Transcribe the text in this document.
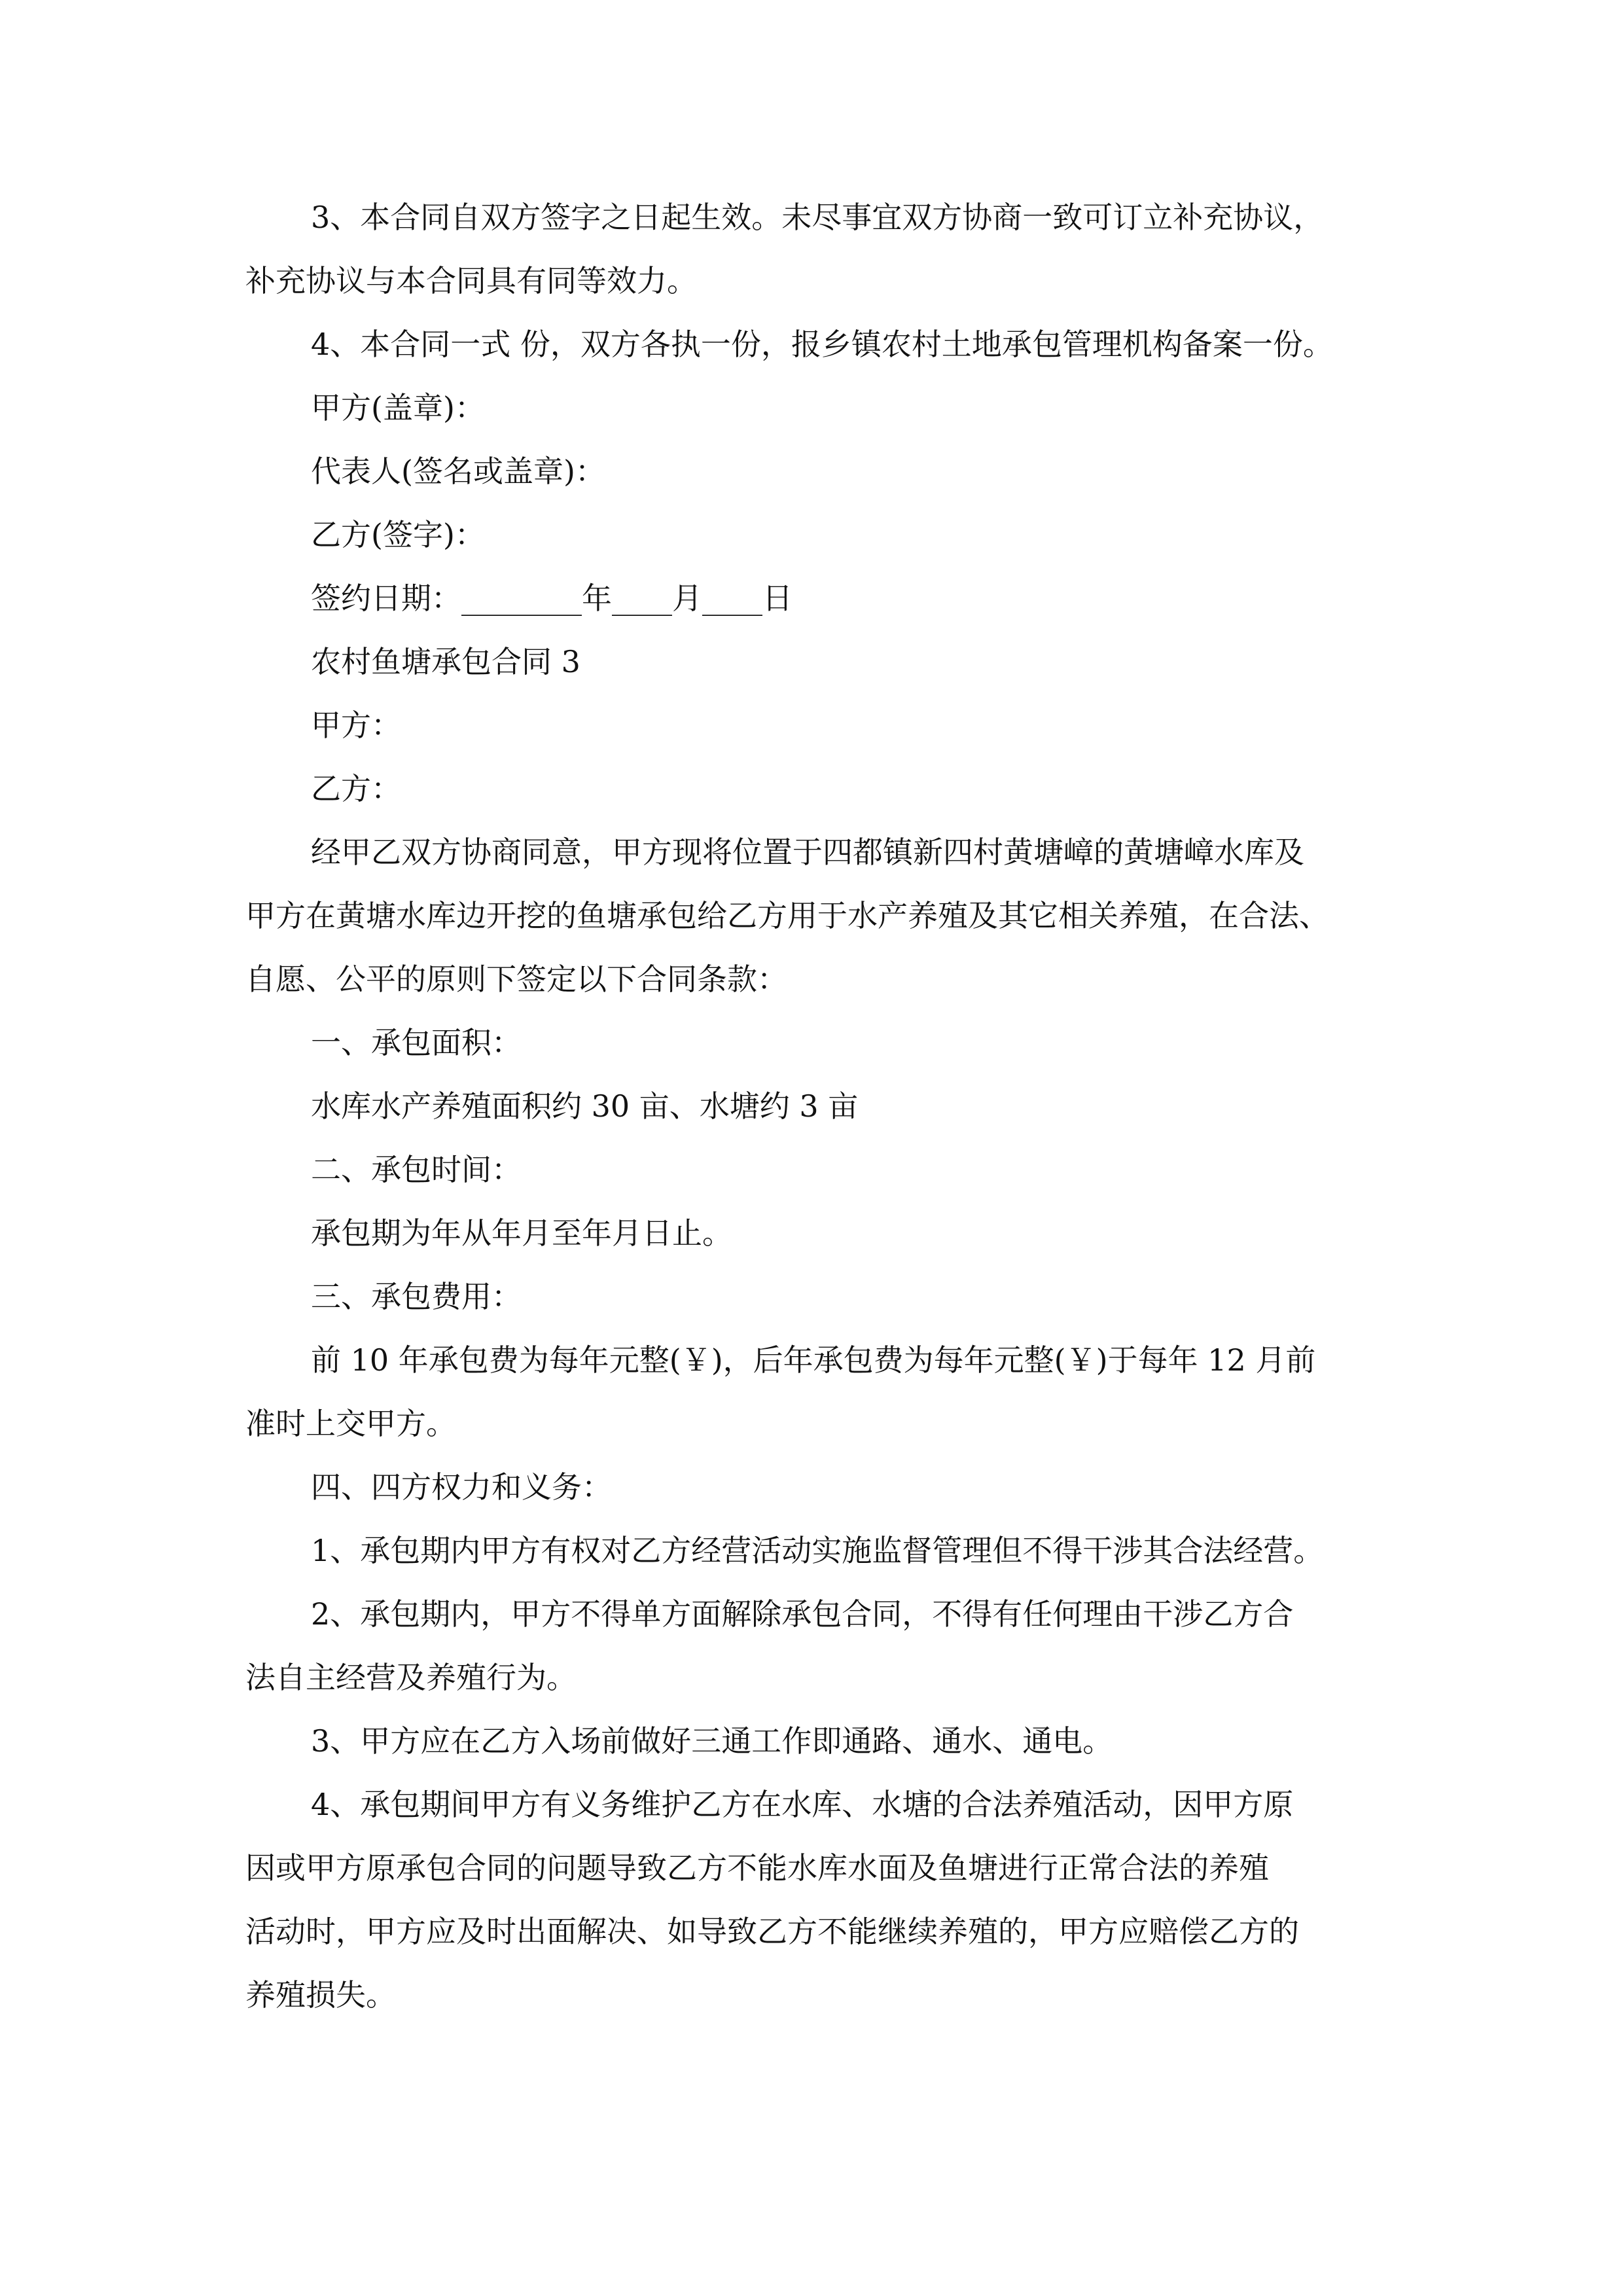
3、本合同自双方签字之日起生效。未尽事宜双方协商一致可订立补充协议，
补充协议与本合同具有同等效力。
4、本合同一式 份，双方各执一份，报乡镇农村土地承包管理机构备案一份。
甲方(盖章)：
代表人(签名或盖章)：
乙方(签字)：
签约日期：________年____月____日
农村鱼塘承包合同 3
甲方：
乙方：
经甲乙双方协商同意，甲方现将位置于四都镇新四村黄塘嶂的黄塘嶂水库及
甲方在黄塘水库边开挖的鱼塘承包给乙方用于水产养殖及其它相关养殖，在合法、
自愿、公平的原则下签定以下合同条款：
一、承包面积：
水库水产养殖面积约 30 亩、水塘约 3 亩
二、承包时间：
承包期为年从年月至年月日止。
三、承包费用：
前 10 年承包费为每年元整(￥)，后年承包费为每年元整(￥)于每年 12 月前
准时上交甲方。
四、四方权力和义务：
1、承包期内甲方有权对乙方经营活动实施监督管理但不得干涉其合法经营。
2、承包期内，甲方不得单方面解除承包合同，不得有任何理由干涉乙方合
法自主经营及养殖行为。
3、甲方应在乙方入场前做好三通工作即通路、通水、通电。
4、承包期间甲方有义务维护乙方在水库、水塘的合法养殖活动，因甲方原
因或甲方原承包合同的问题导致乙方不能水库水面及鱼塘进行正常合法的养殖
活动时，甲方应及时出面解决、如导致乙方不能继续养殖的，甲方应赔偿乙方的
养殖损失。
